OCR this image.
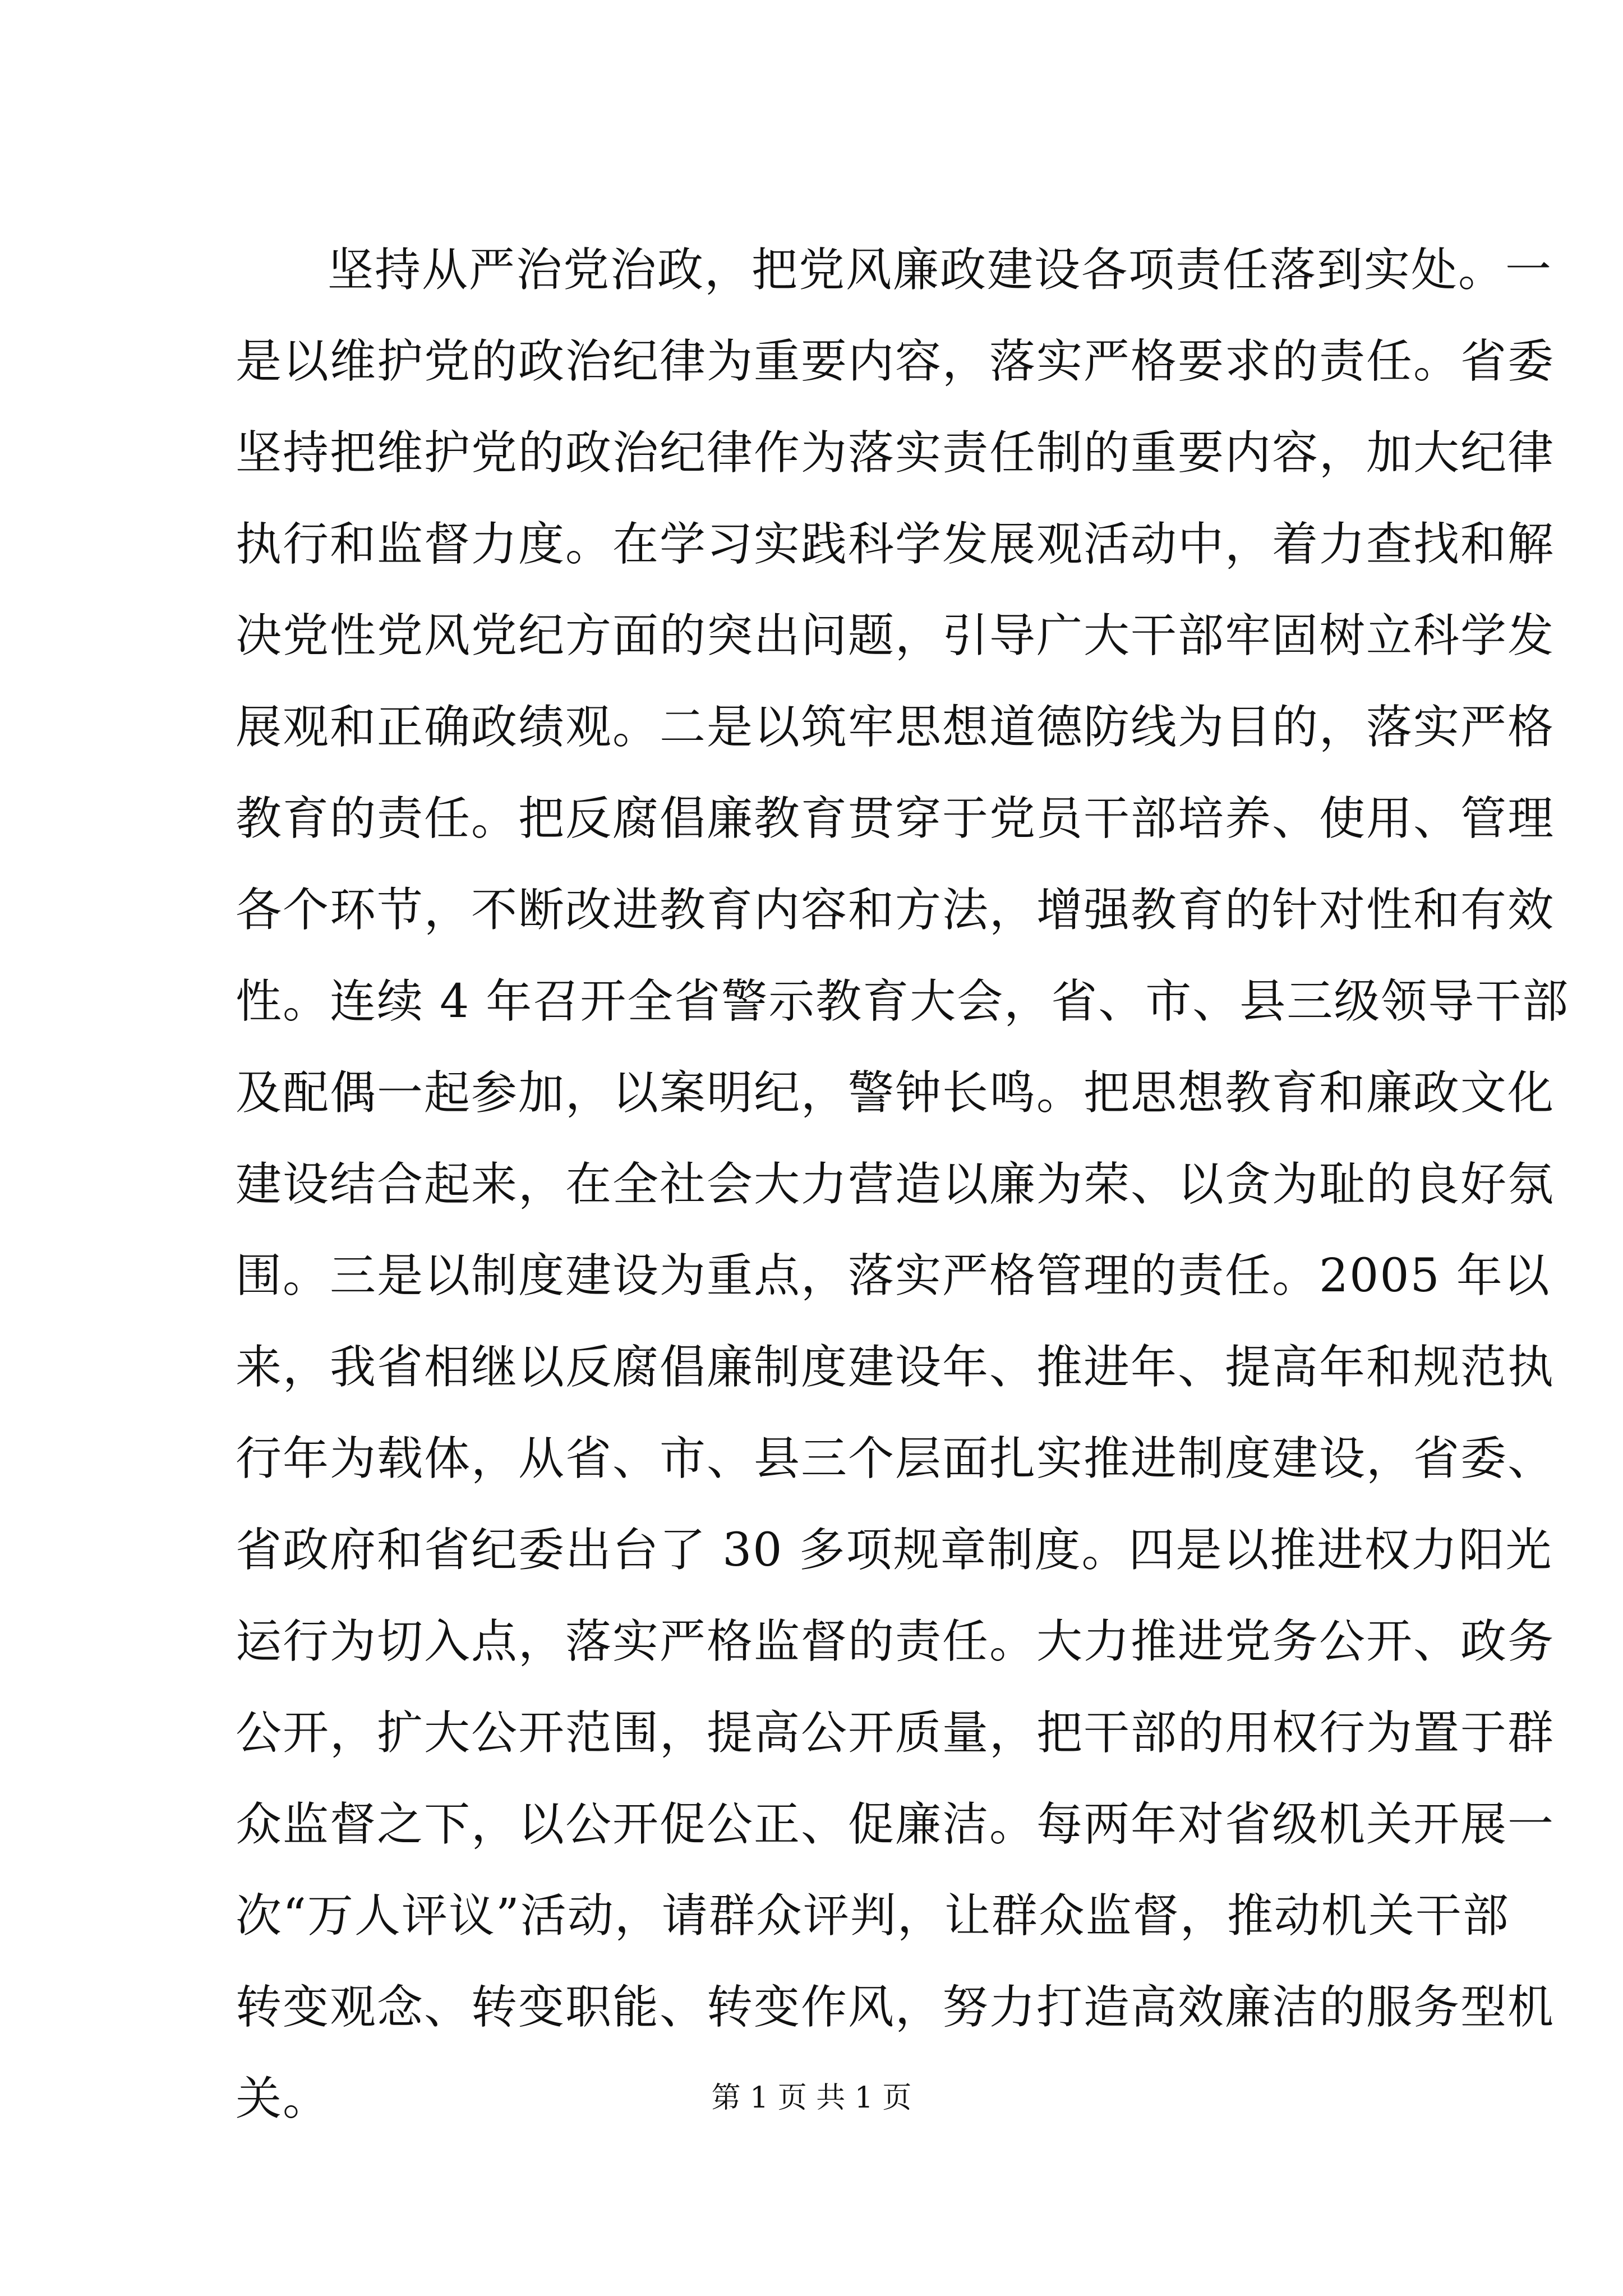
坚持从严治党治政，把党风廉政建设各项责任落到实处。一
是以维护党的政治纪律为重要内容，落实严格要求的责任。省委
坚持把维护党的政治纪律作为落实责任制的重要内容，加大纪律
执行和监督力度。在学习实践科学发展观活动中，着力查找和解
决党性党风党纪方面的突出问题，引导广大干部牢固树立科学发
展观和正确政绩观。二是以筑牢思想道德防线为目的，落实严格
教育的责任。把反腐倡廉教育贯穿于党员干部培养、使用、管理
各个环节，不断改进教育内容和方法，增强教育的针对性和有效
性。连续 4 年召开全省警示教育大会，省、市、县三级领导干部
及配偶一起参加，以案明纪，警钟长鸣。把思想教育和廉政文化
建设结合起来，在全社会大力营造以廉为荣、以贪为耻的良好氛
围。三是以制度建设为重点，落实严格管理的责任。2005 年以
来，我省相继以反腐倡廉制度建设年、推进年、提高年和规范执
行年为载体，从省、市、县三个层面扎实推进制度建设，省委、
省政府和省纪委出台了 30 多项规章制度。四是以推进权力阳光
运行为切入点，落实严格监督的责任。大力推进党务公开、政务
公开，扩大公开范围，提高公开质量，把干部的用权行为置于群
众监督之下，以公开促公正、促廉洁。每两年对省级机关开展一
次“万人评议”活动，请群众评判，让群众监督，推动机关干部
转变观念、转变职能、转变作风，努力打造高效廉洁的服务型机
关。	第 1 页 共 1 页
